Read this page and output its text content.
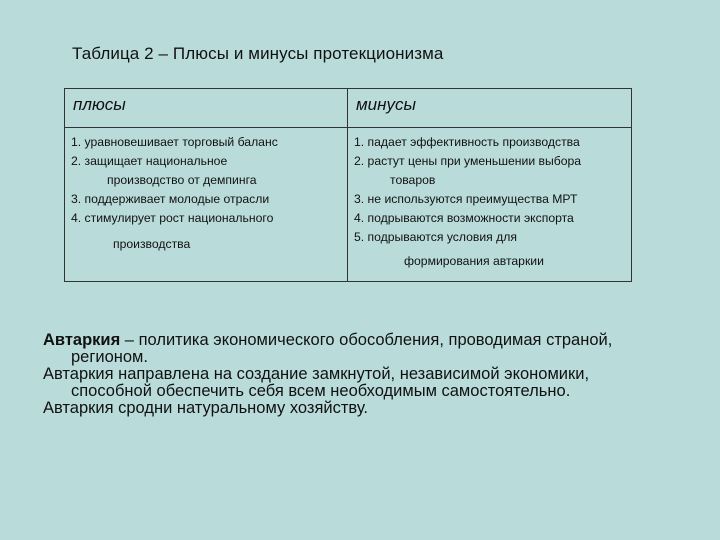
Таблица 2 – Плюсы и минусы протекционизма
плюсы	минусы
1. уравновешивает торговый баланс
2. защищает национальное
производство от демпинга
3. поддерживает молодые отрасли
4. стимулирует рост национального
производства
1. падает эффективность производства
2. растут цены при уменьшении выбора
товаров
3. не используются преимущества МРТ
4. подрываются возможности экспорта
5. подрываются условия для
формирования автаркии
Автаркия – политика экономического обособления, проводимая страной,
регионом.
Автаркия направлена на создание замкнутой, независимой экономики,
способной обеспечить себя всем необходимым самостоятельно.
Автаркия сродни натуральному хозяйству.
